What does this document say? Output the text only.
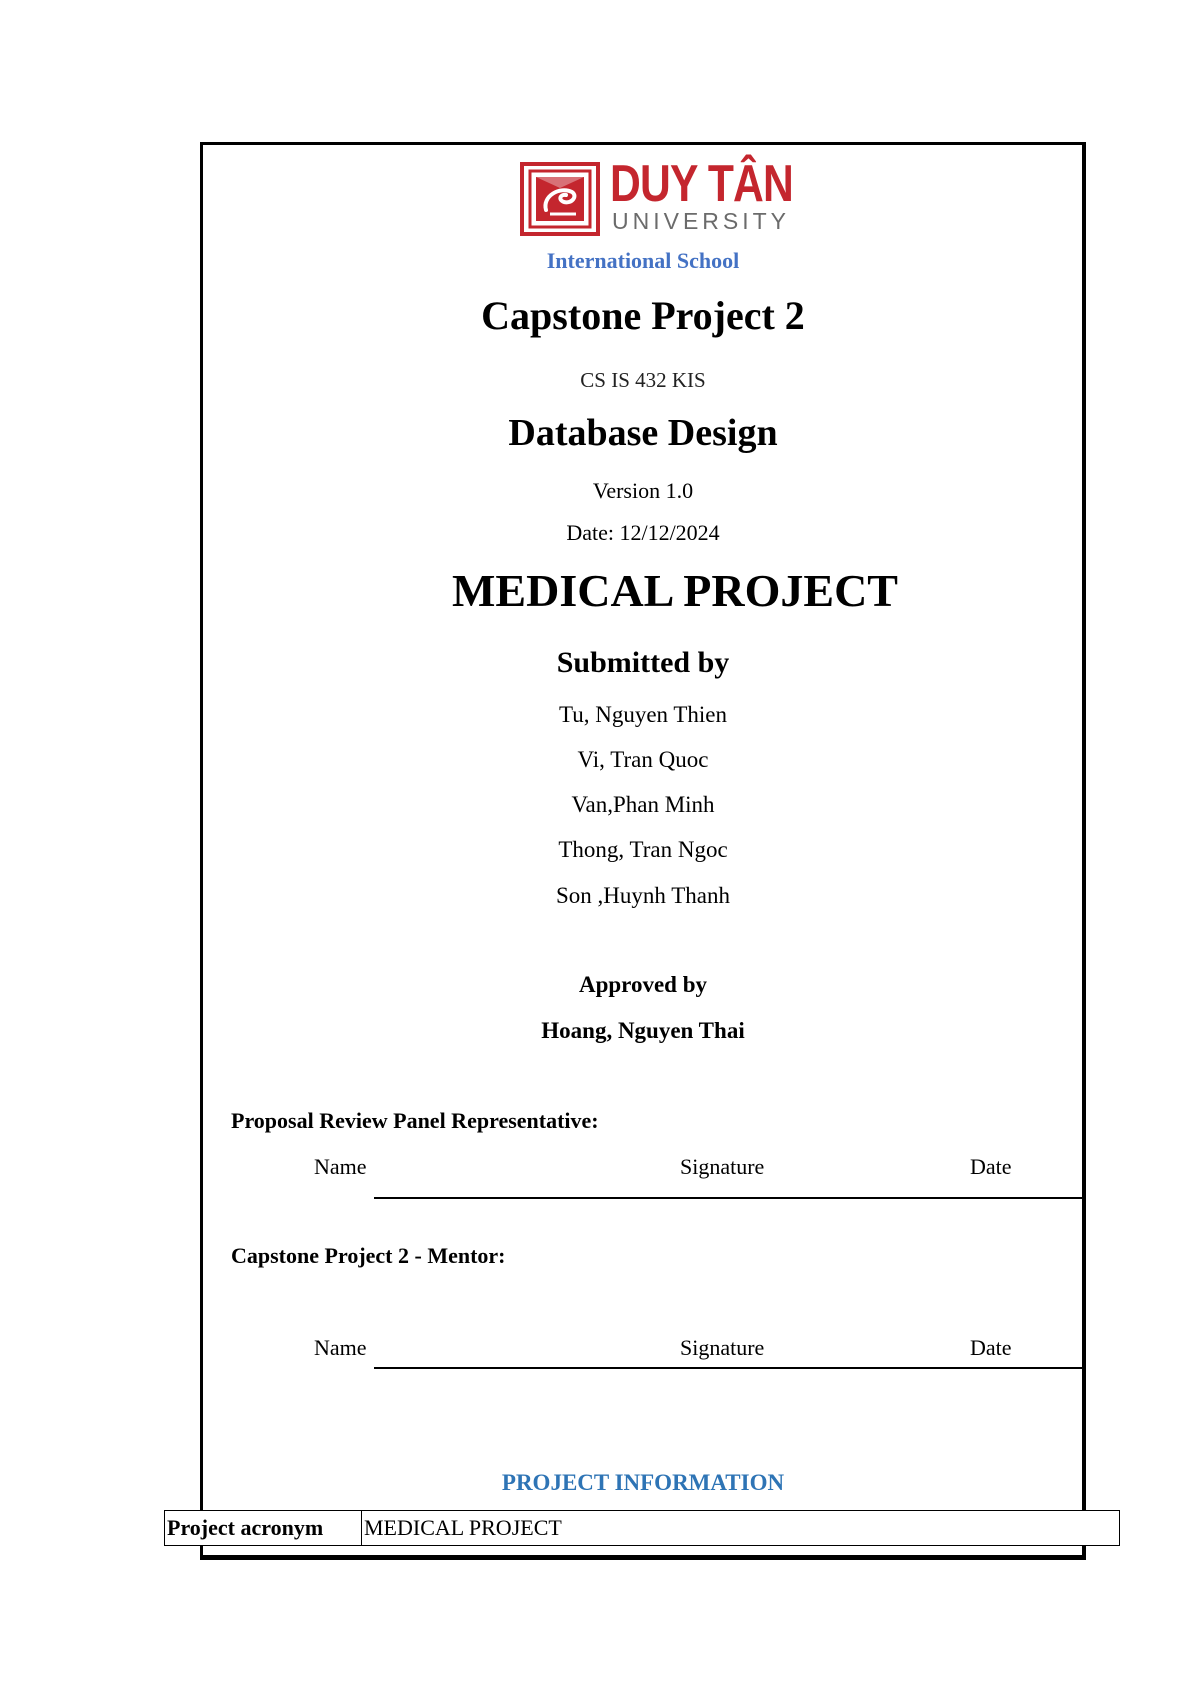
DUY TÂN
UNIVERSITY
International School
Capstone Project 2
CS IS 432 KIS
Database Design
Version 1.0
Date: 12/12/2024
MEDICAL PROJECT
Submitted by
Tu, Nguyen Thien
Vi, Tran Quoc
Van,Phan Minh
Thong, Tran Ngoc
Son ,Huynh Thanh
Approved by
Hoang, Nguyen Thai
Proposal Review Panel Representative:
Name	Signature	Date
Capstone Project 2 - Mentor:
Name	Signature	Date
PROJECT INFORMATION
Project acronym	MEDICAL PROJECT
